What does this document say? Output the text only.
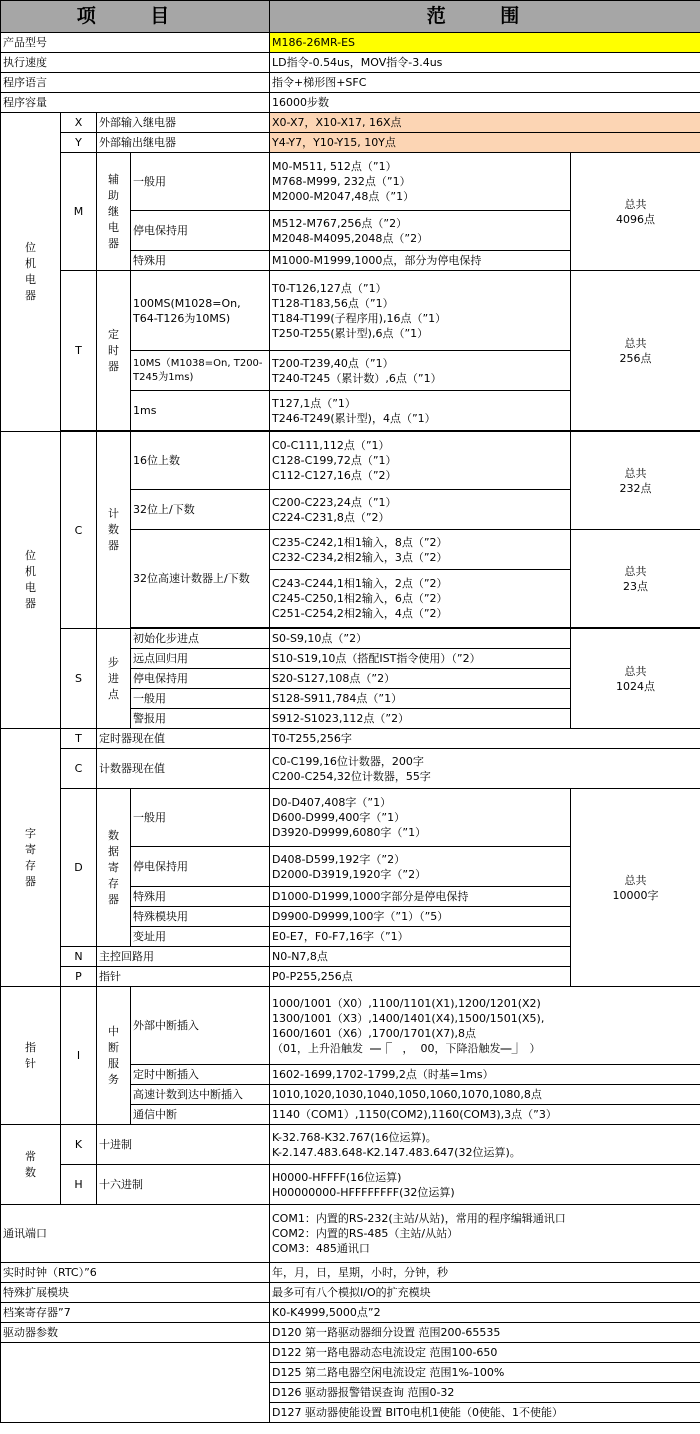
项 目				范 围	
产品型号				M186-26MR-ES	
执行速度				LD指令-0.54us，MOV指令-3.4us	
程序语言				指令+梯形图+SFC	
程序容量				16000步数	

位机电器	X	外部输入继电器		X0-X7，X10-X17, 16X点	
	Y	外部输出继电器		Y4-Y7，Y10-Y15, 10Y点	
	M	辅助继电器	一般用	M0-M511, 512点（”1）
M768-M999, 232点（”1）
M2000-M2047,48点（”1）	总共
4096点
			停电保持用	M512-M767,256点（”2）
M2048-M4095,2048点（”2）	
			特殊用	M1000-M1999,1000点，部分为停电保持	
	T	定时器	100MS(M1028=On,
T64-T126为10MS)	T0-T126,127点（”1）
T128-T183,56点（”1）
T184-T199(子程序用),16点（”1）
T250-T255(累计型),6点（”1）	总共
256点
			10MS（M1038=On, T200-T245为1ms)	T200-T239,40点（”1）
T240-T245（累计数）,6点（”1）	
			1ms	T127,1点（”1）
T246-T249(累计型)，4点（”1）	

位机电器	C	计数器	16位上数	C0-C111,112点（”1）
C128-C199,72点（”1）
C112-C127,16点（”2）	总共
232点
			32位上/下数	C200-C223,24点（”1）
C224-C231,8点（”2）	
			32位高速计数器上/下数	C235-C242,1相1输入，8点（”2）
C232-C234,2相2输入，3点（”2）	总共
23点
				C243-C244,1相1输入，2点（”2）
C245-C250,1相2输入，6点（”2）
C251-C254,2相2输入，4点（”2）	

	S	步进点	初始化步进点	S0-S9,10点（”2）	总共
1024点
			远点回归用	S10-S19,10点（搭配IST指令使用）（”2）	
			停电保持用	S20-S127,108点（”2）	
			一般用	S128-S911,784点（”1）	
			警报用	S912-S1023,112点（”2）	

字寄存器	T	定时器现在值		T0-T255,256字	
	C	计数器现在值		C0-C199,16位计数器，200字
C200-C254,32位计数器，55字	
	D	数据寄存器	一般用	D0-D407,408字（”1）
D600-D999,400字（”1）
D3920-D9999,6080字（”1）	总共
10000字
			停电保持用	D408-D599,192字（”2）
D2000-D3919,1920字（”2）	
			特殊用	D1000-D1999,1000字部分是停电保持	
			特殊模块用	D9900-D9999,100字（”1）（”5）	
			变址用	E0-E7，F0-F7,16字（”1）	
	N	主控回路用		N0-N7,8点	
	P	指针		P0-P255,256点	

指针	I	中断服务	外部中断插入	1000/1001（X0）,1100/1101(X1),1200/1201(X2)
1300/1001（X3）,1400/1401(X4),1500/1501(X5),
1600/1601（X6）,1700/1701(X7),8点
（01，上升沿触发  ⎯⎯⎾   ，  00，下降沿触发⎯⎯⏌  ）	
			定时中断插入	1602-1699,1702-1799,2点（时基=1ms）	
			高速计数到达中断插入	1010,1020,1030,1040,1050,1060,1070,1080,8点	
			通信中断	1140（COM1）,1150(COM2),1160(COM3),3点（”3）	

常数	K	十进制		K-32.768-K32.767(16位运算)。
K-2.147.483.648-K2.147.483.647(32位运算)。	
	H	十六进制		H0000-HFFFF(16位运算)
H00000000-HFFFFFFFF(32位运算)	
通讯端口				COM1：内置的RS-232(主站/从站)，常用的程序编辑通讯口
COM2：内置的RS-485（主站/从站）
COM3：485通讯口	
实时时钟（RTC）”6				年，月，日，星期，小时，分钟，秒	
特殊扩展模块				最多可有八个模拟I/O的扩充模块	
档案寄存器”7				K0-K4999,5000点”2	
驱动器参数				D120 第一路驱动器细分设置 范围200-65535	
				D122 第一路电器动态电流设定 范围100-650	
				D125 第二路电器空闲电流设定 范围1%-100%	
				D126 驱动器报警错误查询 范围0-32	
				D127 驱动器使能设置 BIT0电机1使能（0使能、1不使能）	
